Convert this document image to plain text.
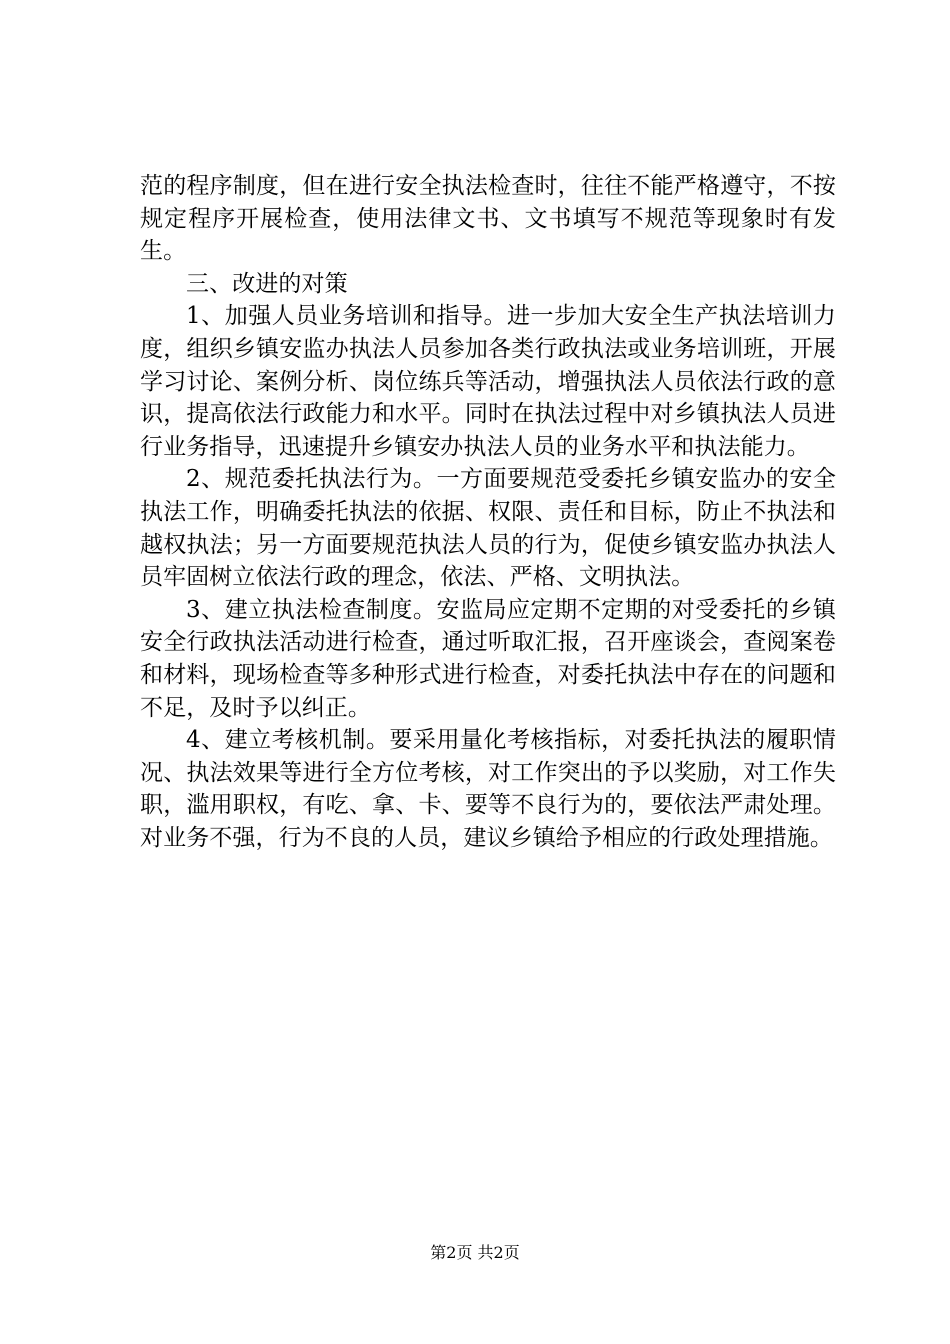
范的程序制度，但在进行安全执法检查时，往往不能严格遵守，不按规定程序开展检查，使用法律文书、文书填写不规范等现象时有发生。

三、改进的对策

1、加强人员业务培训和指导。进一步加大安全生产执法培训力度，组织乡镇安监办执法人员参加各类行政执法或业务培训班，开展学习讨论、案例分析、岗位练兵等活动，增强执法人员依法行政的意识，提高依法行政能力和水平。同时在执法过程中对乡镇执法人员进行业务指导，迅速提升乡镇安办执法人员的业务水平和执法能力。

2、规范委托执法行为。一方面要规范受委托乡镇安监办的安全执法工作，明确委托执法的依据、权限、责任和目标，防止不执法和越权执法；另一方面要规范执法人员的行为，促使乡镇安监办执法人员牢固树立依法行政的理念，依法、严格、文明执法。

3、建立执法检查制度。安监局应定期不定期的对受委托的乡镇安全行政执法活动进行检查，通过听取汇报，召开座谈会，查阅案卷和材料，现场检查等多种形式进行检查，对委托执法中存在的问题和不足，及时予以纠正。

4、建立考核机制。要采用量化考核指标，对委托执法的履职情况、执法效果等进行全方位考核，对工作突出的予以奖励，对工作失职，滥用职权，有吃、拿、卡、要等不良行为的，要依法严肃处理。对业务不强，行为不良的人员，建议乡镇给予相应的行政处理措施。

第2页 共2页
